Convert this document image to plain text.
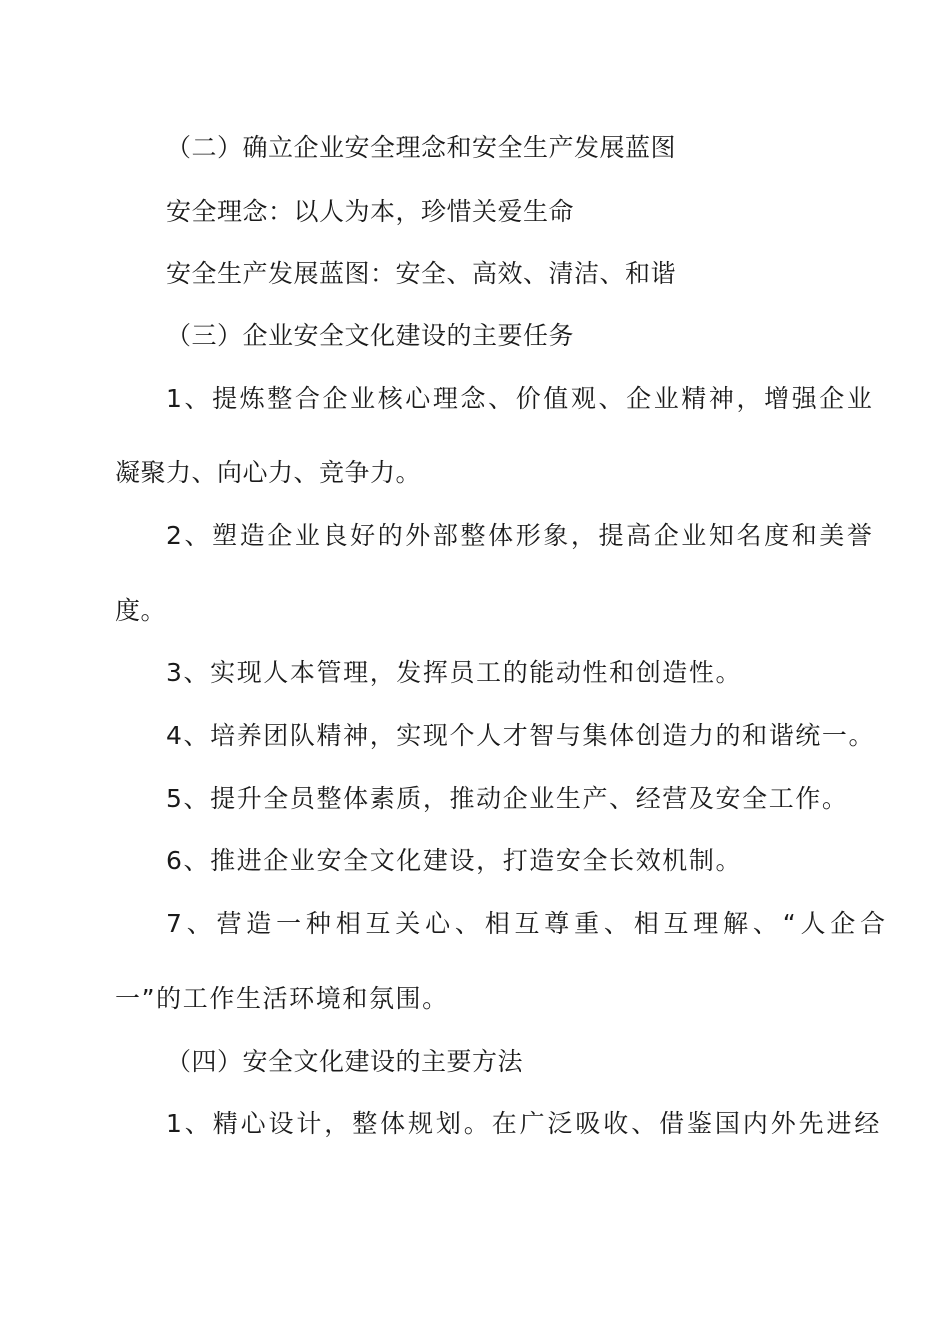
（二）确立企业安全理念和安全生产发展蓝图
安全理念：以人为本，珍惜关爱生命
安全生产发展蓝图：安全、高效、清洁、和谐
（三）企业安全文化建设的主要任务
1、提炼整合企业核心理念、价值观、企业精神，增强企业
凝聚力、向心力、竞争力。
2、塑造企业良好的外部整体形象，提高企业知名度和美誉
度。
3、实现人本管理，发挥员工的能动性和创造性。
4、培养团队精神，实现个人才智与集体创造力的和谐统一。
5、提升全员整体素质，推动企业生产、经营及安全工作。
6、推进企业安全文化建设，打造安全长效机制。
7、营造一种相互关心、相互尊重、相互理解、“人企合
一”的工作生活环境和氛围。
（四）安全文化建设的主要方法
1、精心设计，整体规划。在广泛吸收、借鉴国内外先进经
